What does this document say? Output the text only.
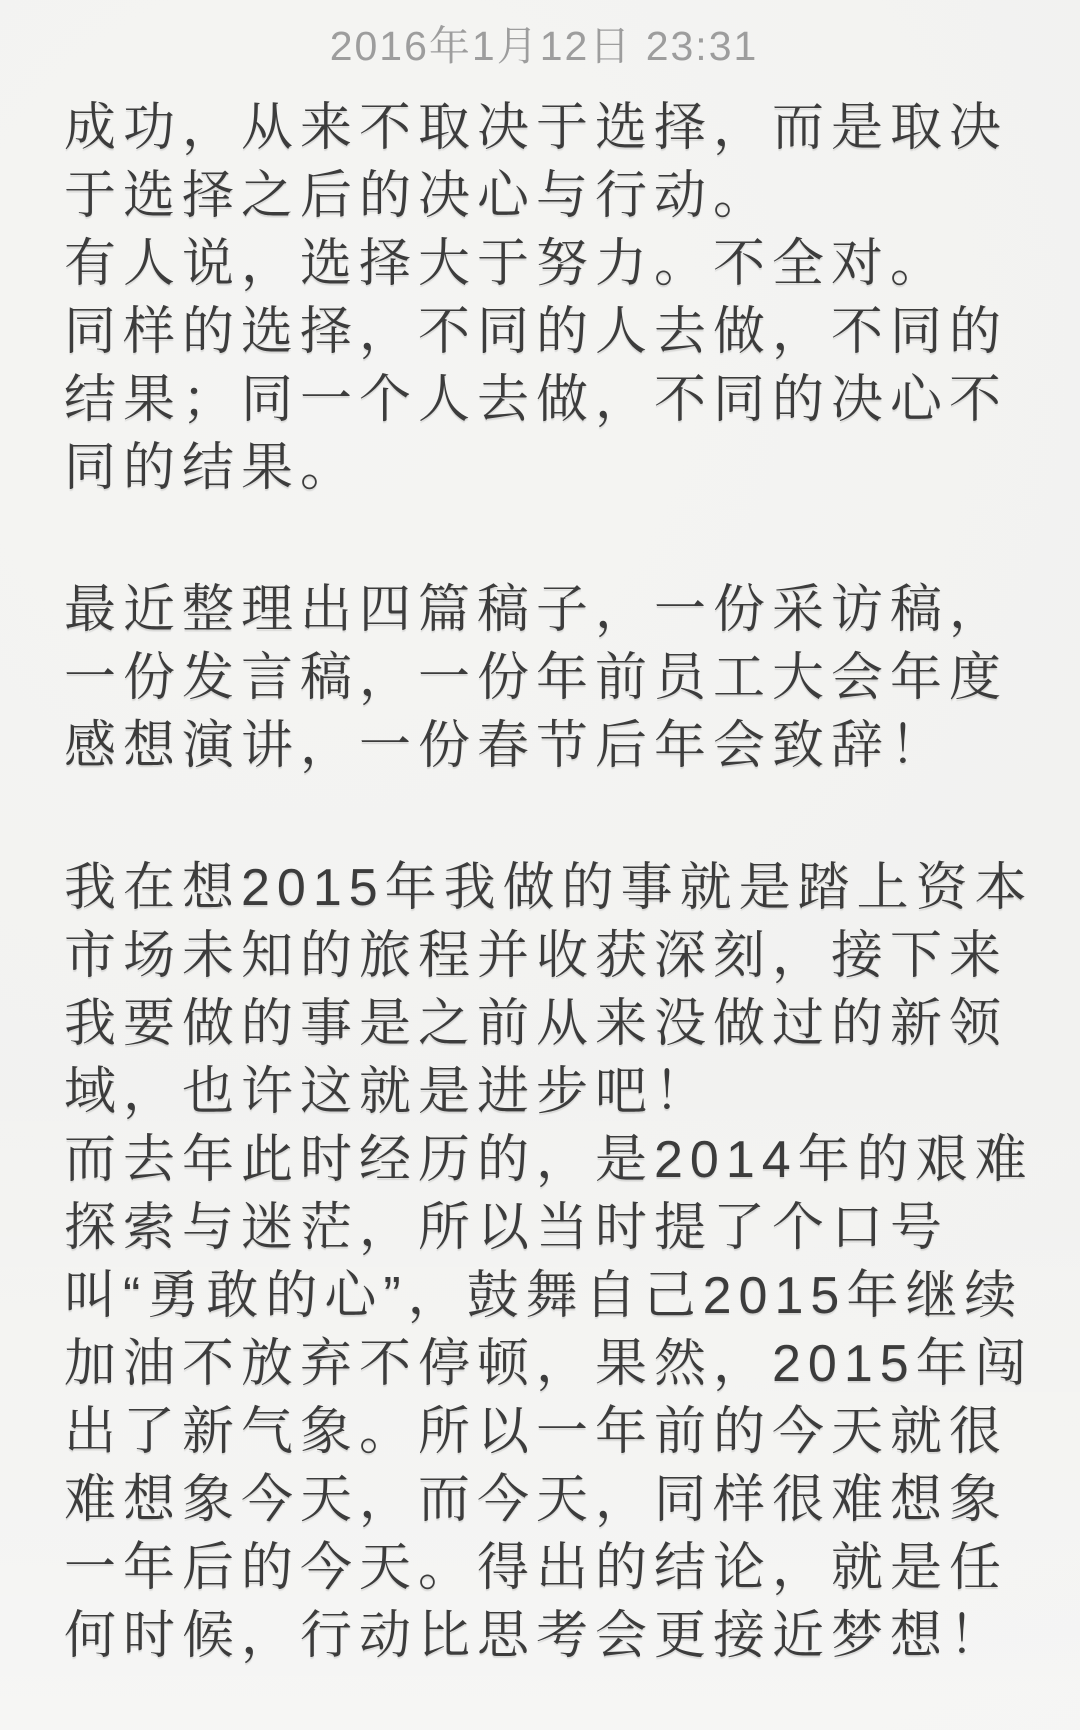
2016年1月12日 23:31
成功，从来不取决于选择，而是取决
于选择之后的决心与行动。
有人说，选择大于努力。不全对。
同样的选择，不同的人去做，不同的
结果；同一个人去做，不同的决心不
同的结果。
最近整理出四篇稿子，一份采访稿，
一份发言稿，一份年前员工大会年度
感想演讲，一份春节后年会致辞！
我在想2015年我做的事就是踏上资本
市场未知的旅程并收获深刻，接下来
我要做的事是之前从来没做过的新领
域，也许这就是进步吧！
而去年此时经历的，是2014年的艰难
探索与迷茫，所以当时提了个口号
叫“勇敢的心”，鼓舞自己2015年继续
加油不放弃不停顿，果然，2015年闯
出了新气象。所以一年前的今天就很
难想象今天，而今天，同样很难想象
一年后的今天。得出的结论，就是任
何时候，行动比思考会更接近梦想！
